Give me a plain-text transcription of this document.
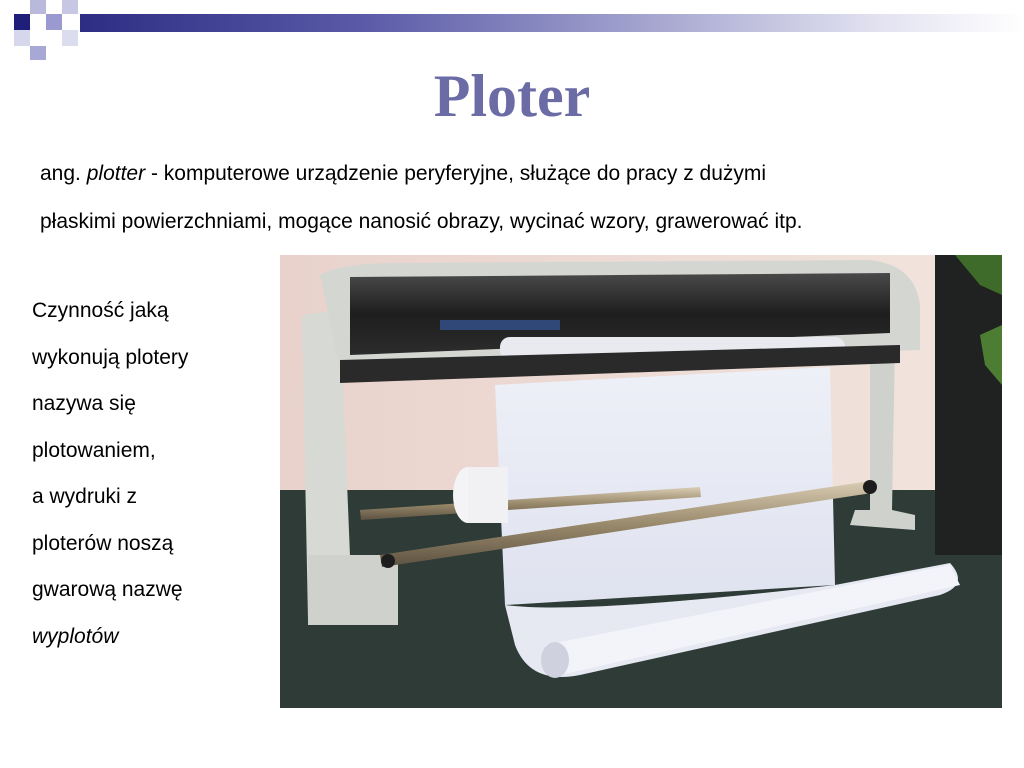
Ploter

ang. plotter - komputerowe urządzenie peryferyjne, służące do pracy z dużymi

płaskimi powierzchniami, mogące nanosić obrazy, wycinać wzory, grawerować itp.

Czynność jaką

wykonują plotery

nazywa się

plotowaniem,

a wydruki z

ploterów noszą

gwarową nazwę

wyplotów
